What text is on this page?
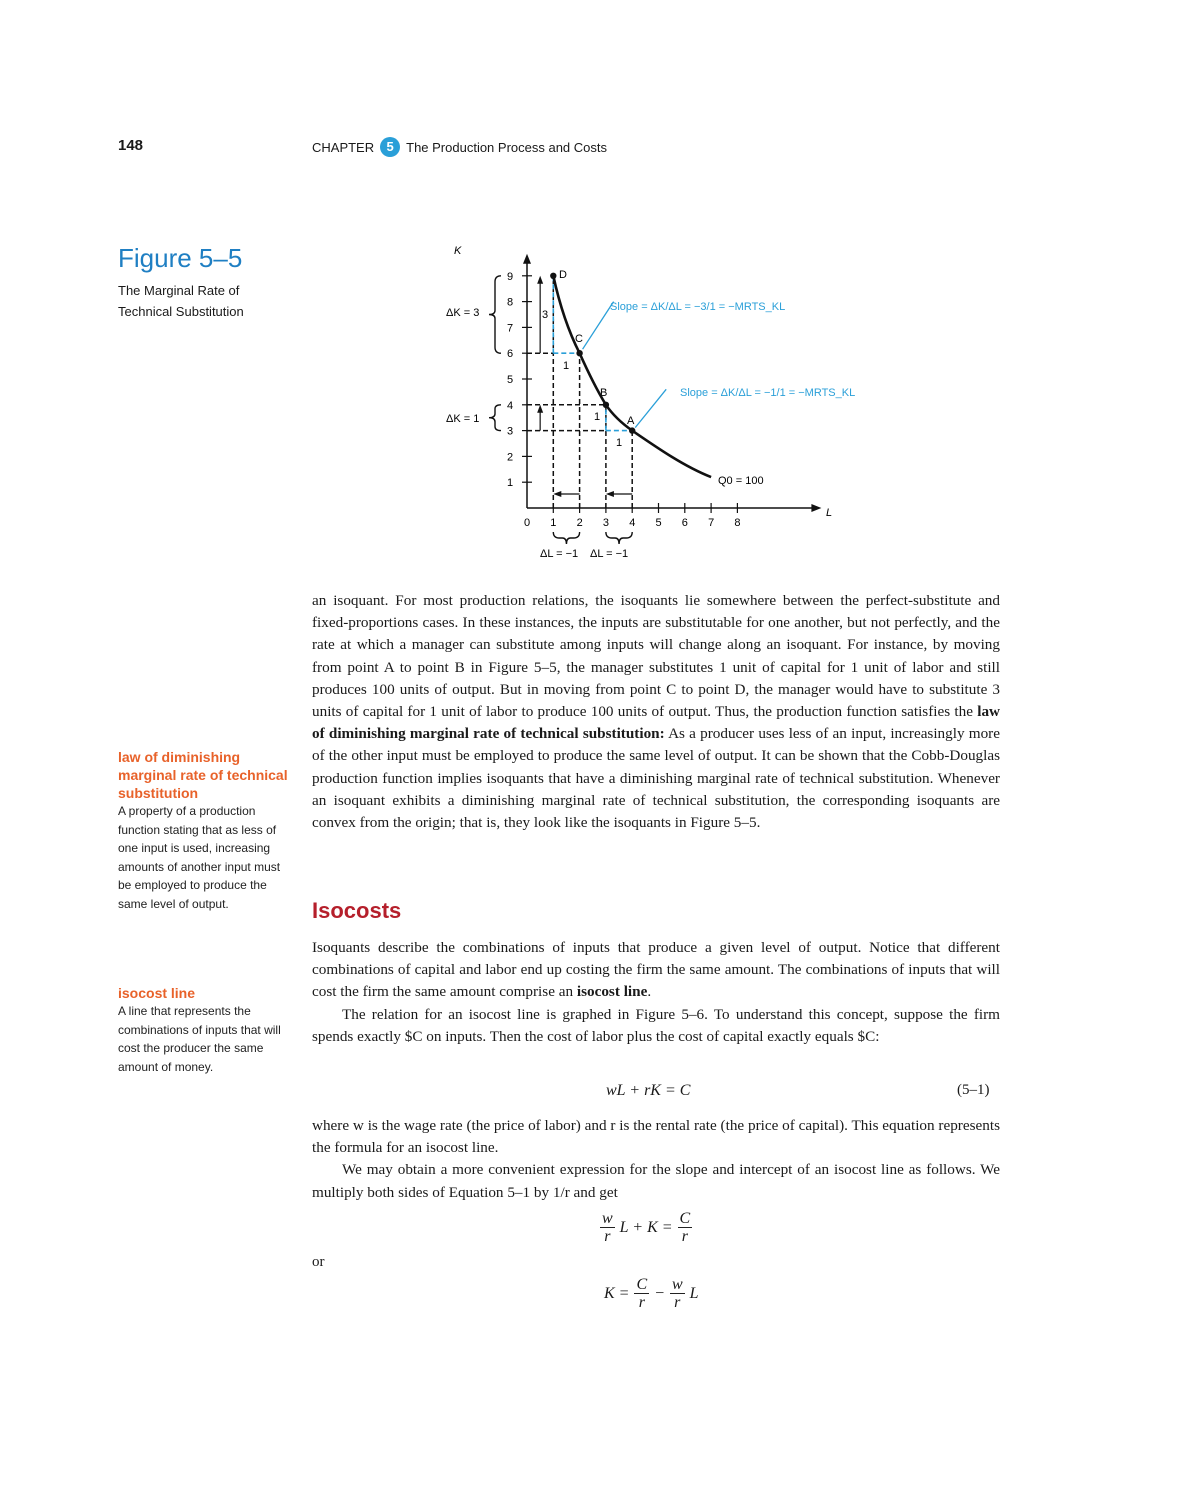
148	CHAPTER 5 The Production Process and Costs
Figure 5–5
The Marginal Rate of Technical Substitution
K
L
Q0 = 100
D
C
B
A
Slope = ΔK/ΔL = −3/1 = −MRTS_KL
Slope = ΔK/ΔL = −1/1 = −MRTS_KL
ΔK = 3
ΔK = 1
ΔL = −1 ΔL = −1
3
1
1
1
0 1 2 3 4 5 6 7 8
1
2
3
4
5
6
7
8
9
law of diminishing marginal rate of technical substitution
A property of a production function stating that as less of one input is used, increasing amounts of another input must be employed to produce the same level of output.
isocost line
A line that represents the combinations of inputs that will cost the producer the same amount of money.

an isoquant. For most production relations, the isoquants lie somewhere between the perfect-substitute and fixed-proportions cases. In these instances, the inputs are substitutable for one another, but not perfectly, and the rate at which a manager can substitute among inputs will change along an isoquant. For instance, by moving from point A to point B in Figure 5–5, the manager substitutes 1 unit of capital for 1 unit of labor and still produces 100 units of output. But in moving from point C to point D, the manager would have to substitute 3 units of capital for 1 unit of labor to produce 100 units of output. Thus, the production function satisfies the law of diminishing marginal rate of technical substitution: As a producer uses less of an input, increasingly more of the other input must be employed to produce the same level of output. It can be shown that the Cobb-Douglas production function implies isoquants that have a diminishing marginal rate of technical substitution. Whenever an isoquant exhibits a diminishing marginal rate of technical substitution, the corresponding isoquants are convex from the origin; that is, they look like the isoquants in Figure 5–5.

Isocosts

Isoquants describe the combinations of inputs that produce a given level of output. Notice that different combinations of capital and labor end up costing the firm the same amount. The combinations of inputs that will cost the firm the same amount comprise an isocost line.

The relation for an isocost line is graphed in Figure 5–6. To understand this concept, suppose the firm spends exactly $C on inputs. Then the cost of labor plus the cost of capital exactly equals $C:

wL + rK = C	(5–1)

where w is the wage rate (the price of labor) and r is the rental rate (the price of capital). This equation represents the formula for an isocost line.

We may obtain a more convenient expression for the slope and intercept of an isocost line as follows. We multiply both sides of Equation 5–1 by 1/r and get

$\frac{w}{r}$ $L + K = \frac{C}{r}$
or
$K = \frac{C}{r} - \frac{w}{r}$ L
